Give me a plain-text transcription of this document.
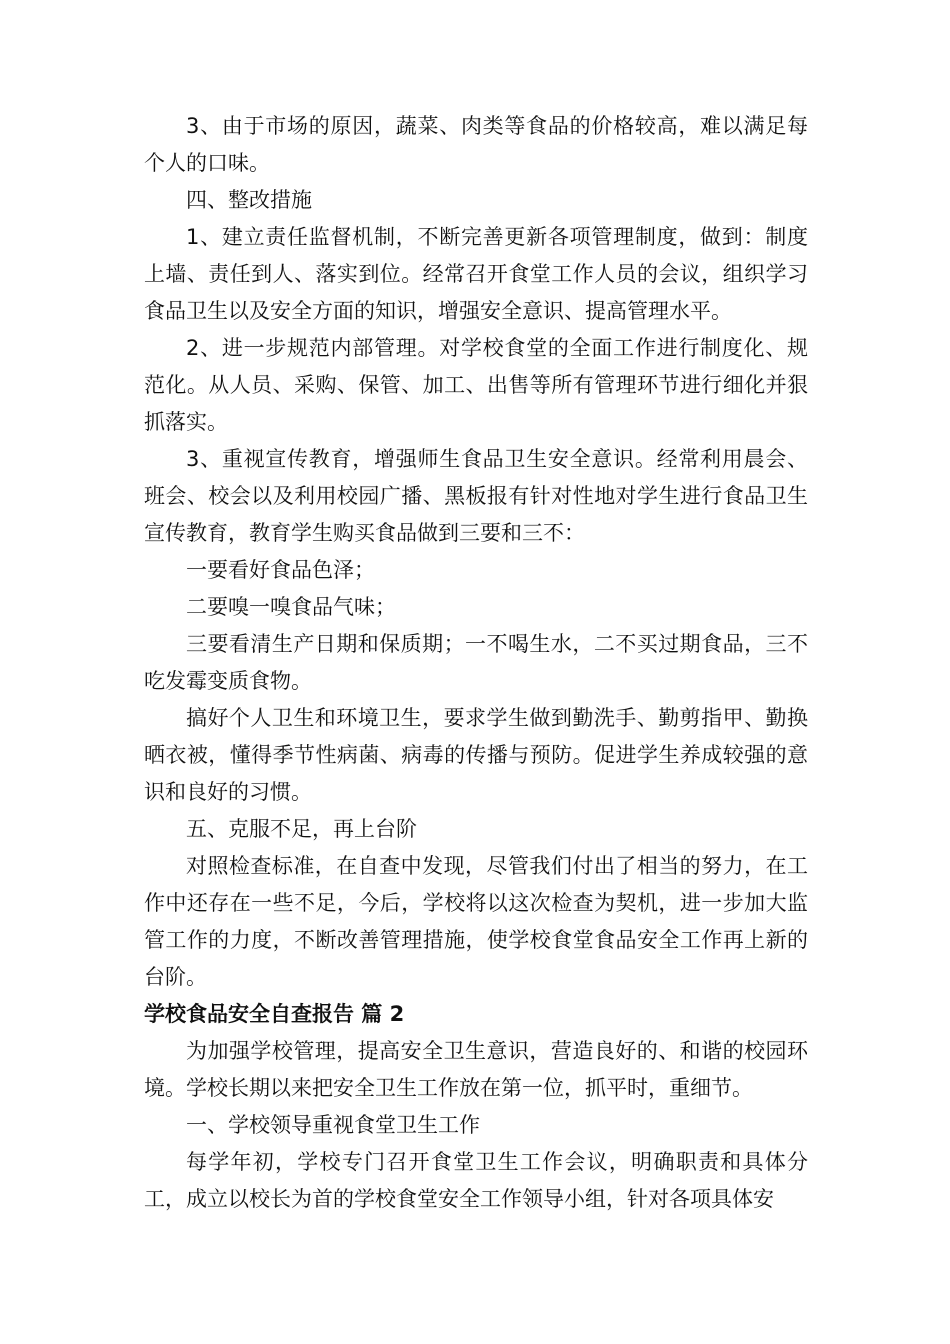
3、由于市场的原因，蔬菜、肉类等食品的价格较高，难以满足每个人的口味。

四、整改措施

1、建立责任监督机制，不断完善更新各项管理制度，做到：制度上墙、责任到人、落实到位。经常召开食堂工作人员的会议，组织学习食品卫生以及安全方面的知识，增强安全意识、提高管理水平。

2、进一步规范内部管理。对学校食堂的全面工作进行制度化、规范化。从人员、采购、保管、加工、出售等所有管理环节进行细化并狠抓落实。

3、重视宣传教育，增强师生食品卫生安全意识。经常利用晨会、班会、校会以及利用校园广播、黑板报有针对性地对学生进行食品卫生宣传教育，教育学生购买食品做到三要和三不：

一要看好食品色泽；

二要嗅一嗅食品气味；

三要看清生产日期和保质期；一不喝生水，二不买过期食品，三不吃发霉变质食物。

搞好个人卫生和环境卫生，要求学生做到勤洗手、勤剪指甲、勤换晒衣被，懂得季节性病菌、病毒的传播与预防。促进学生养成较强的意识和良好的习惯。

五、克服不足，再上台阶

对照检查标准，在自查中发现，尽管我们付出了相当的努力，在工作中还存在一些不足，今后，学校将以这次检查为契机，进一步加大监管工作的力度，不断改善管理措施，使学校食堂食品安全工作再上新的台阶。

学校食品安全自查报告 篇 2

为加强学校管理，提高安全卫生意识，营造良好的、和谐的校园环境。学校长期以来把安全卫生工作放在第一位，抓平时，重细节。

一、学校领导重视食堂卫生工作

每学年初，学校专门召开食堂卫生工作会议，明确职责和具体分工，成立以校长为首的学校食堂安全工作领导小组，针对各项具体安
